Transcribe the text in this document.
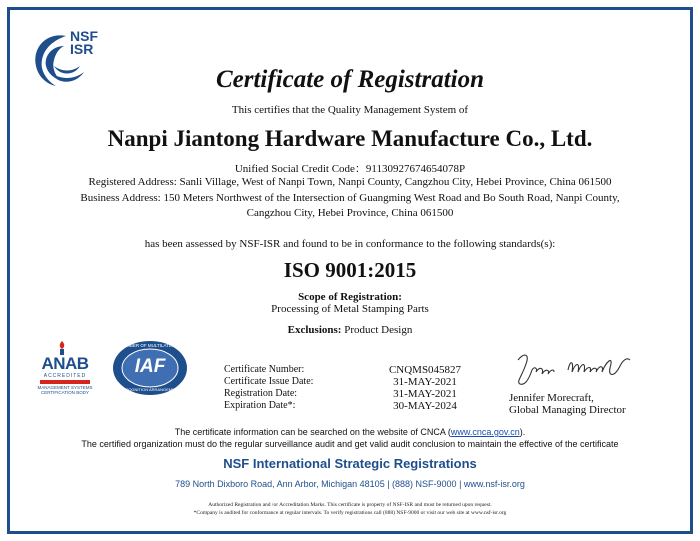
NSF
ISR
Certificate of Registration
This certifies that the Quality Management System of
Nanpi Jiantong Hardware Manufacture Co., Ltd.
Unified Social Credit Code：91130927674654078P
Registered Address: Sanli Village, West of Nanpi Town, Nanpi County, Cangzhou City, Hebei Province, China 061500
Business Address: 150 Meters Northwest of the Intersection of Guangming West Road and Bo South Road, Nanpi County,
Cangzhou City, Hebei Province, China 061500
has been assessed by NSF-ISR and found to be in conformance to the following standards(s):
ISO 9001:2015
Scope of Registration:
Processing of Metal Stamping Parts
Exclusions: Product Design
ANAB
ACCREDITED
MANAGEMENT SYSTEMS
CERTIFICATION BODY
MEMBER OF MULTILATERAL
IAF
RECOGNITION ARRANGEMENT
Certificate Number:
Certificate Issue Date:
Registration Date:
Expiration Date*:
CNQMS045827
31-MAY-2021
31-MAY-2021
30-MAY-2024
Jennifer Morecraft,
Global Managing Director
The certificate information can be searched on the website of CNCA (www.cnca.gov.cn).
The certified organization must do the regular surveillance audit and get valid audit conclusion to maintain the effective of the certificate
NSF International Strategic Registrations
789 North Dixboro Road, Ann Arbor, Michigan 48105 | (888) NSF-9000 | www.nsf-isr.org
Authorized Registration and /or Accreditation Marks. This certificate is property of NSF-ISR and must be returned upon request.
*Company is audited for conformance at regular intervals. To verify registrations call (888) NSF-9000 or visit our web site at www.nsf-isr.org
